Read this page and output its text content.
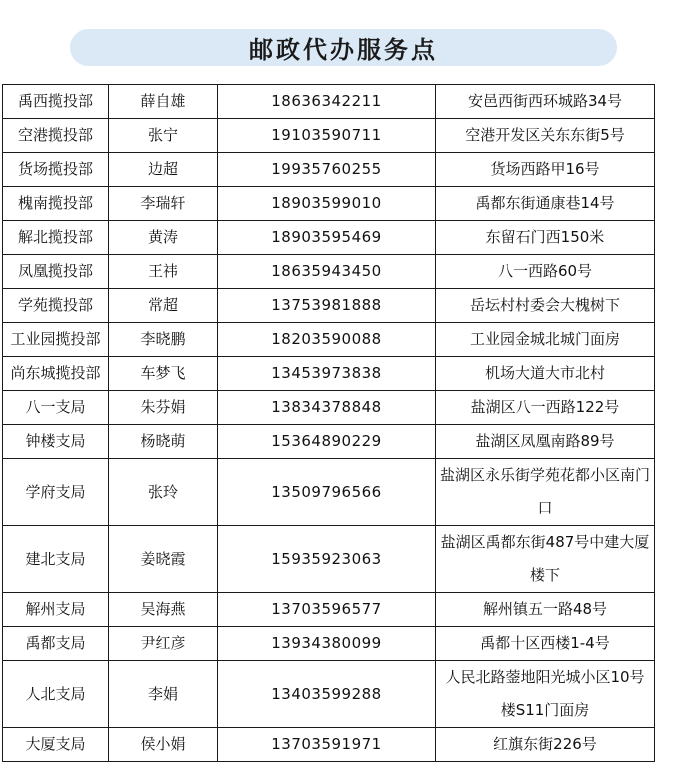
邮政代办服务点
禹西揽投部	薛自雄	18636342211	安邑西街西环城路34号
空港揽投部	张宁	19103590711	空港开发区关东东街5号
货场揽投部	边超	19935760255	货场西路甲16号
槐南揽投部	李瑞轩	18903599010	禹都东街通康巷14号
解北揽投部	黄涛	18903595469	东留石门西150米
凤凰揽投部	王祎	18635943450	八一西路60号
学苑揽投部	常超	13753981888	岳坛村村委会大槐树下
工业园揽投部	李晓鹏	18203590088	工业园金城北城门面房
尚东城揽投部	车梦飞	13453973838	机场大道大市北村
八一支局	朱芬娟	13834378848	盐湖区八一西路122号
钟楼支局	杨晓萌	15364890229	盐湖区凤凰南路89号
学府支局	张玲	13509796566	盐湖区永乐街学苑花都小区南门口
建北支局	姜晓霞	15935923063	盐湖区禹都东街487号中建大厦楼下
解州支局	吴海燕	13703596577	解州镇五一路48号
禹都支局	尹红彦	13934380099	禹都十区西楼1-4号
人北支局	李娟	13403599288	人民北路蓥地阳光城小区10号楼S11门面房
大厦支局	侯小娟	13703591971	红旗东街226号
